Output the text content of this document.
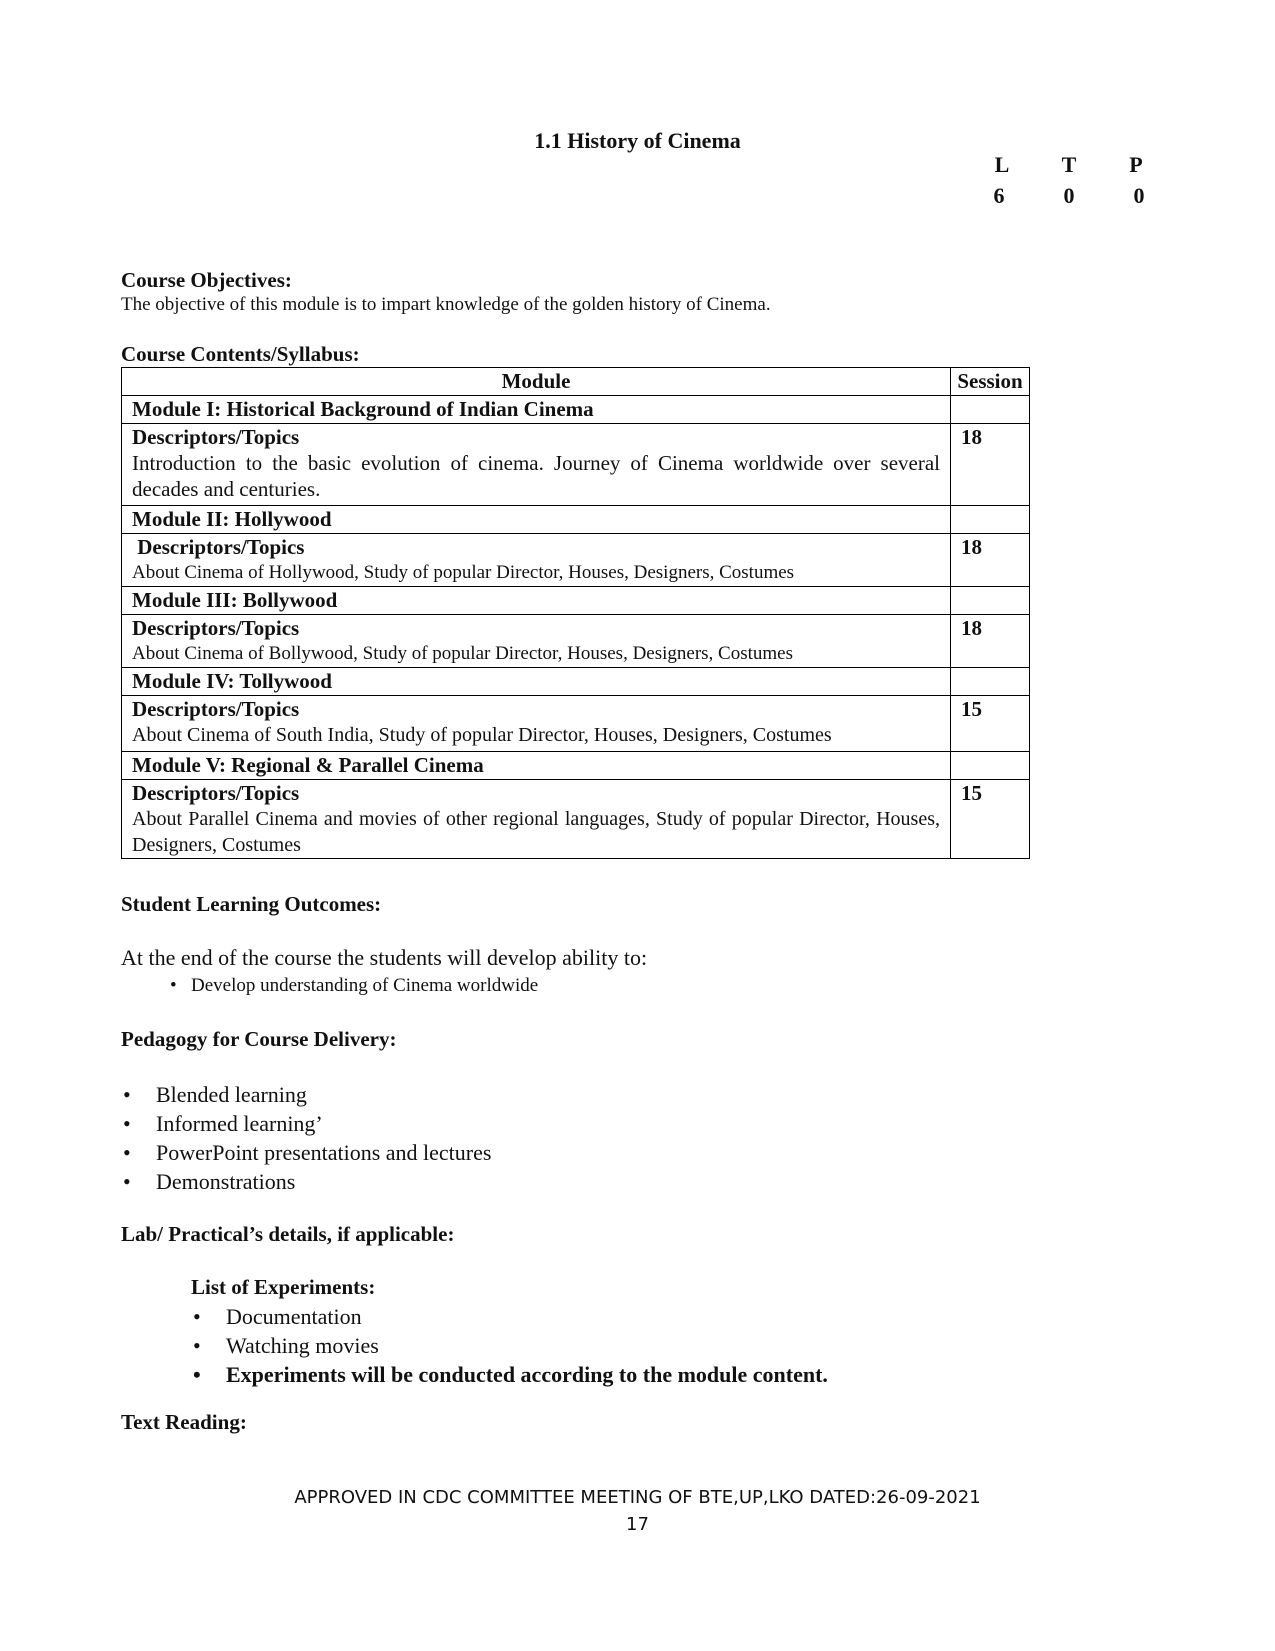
1.1 History of Cinema
L	T	P
6	0	0
Course Objectives:
The objective of this module is to impart knowledge of the golden history of Cinema.
Course Contents/Syllabus:
Module	Session
Module I: Historical Background of Indian Cinema	

Descriptors/Topics
Introduction to the basic evolution of cinema. Journey of Cinema worldwide over several decades and centuries.	18
Module II: Hollywood	

Descriptors/Topics
About Cinema of Hollywood, Study of popular Director, Houses, Designers, Costumes	18
Module III: Bollywood	

Descriptors/Topics
About Cinema of Bollywood, Study of popular Director, Houses, Designers, Costumes	18
Module IV: Tollywood	

Descriptors/Topics
About Cinema of South India, Study of popular Director, Houses, Designers, Costumes	15
Module V: Regional & Parallel Cinema	

Descriptors/Topics
About Parallel Cinema and movies of other regional languages, Study of popular Director, Houses, Designers, Costumes	15
Student Learning Outcomes:
At the end of the course the students will develop ability to:
• Develop understanding of Cinema worldwide
Pedagogy for Course Delivery:
• Blended learning
• Informed learning’
• PowerPoint presentations and lectures
• Demonstrations
Lab/ Practical’s details, if applicable:
List of Experiments:
• Documentation
• Watching movies
• Experiments will be conducted according to the module content.
Text Reading:
APPROVED IN CDC COMMITTEE MEETING OF BTE,UP,LKO DATED:26-09-2021
17
